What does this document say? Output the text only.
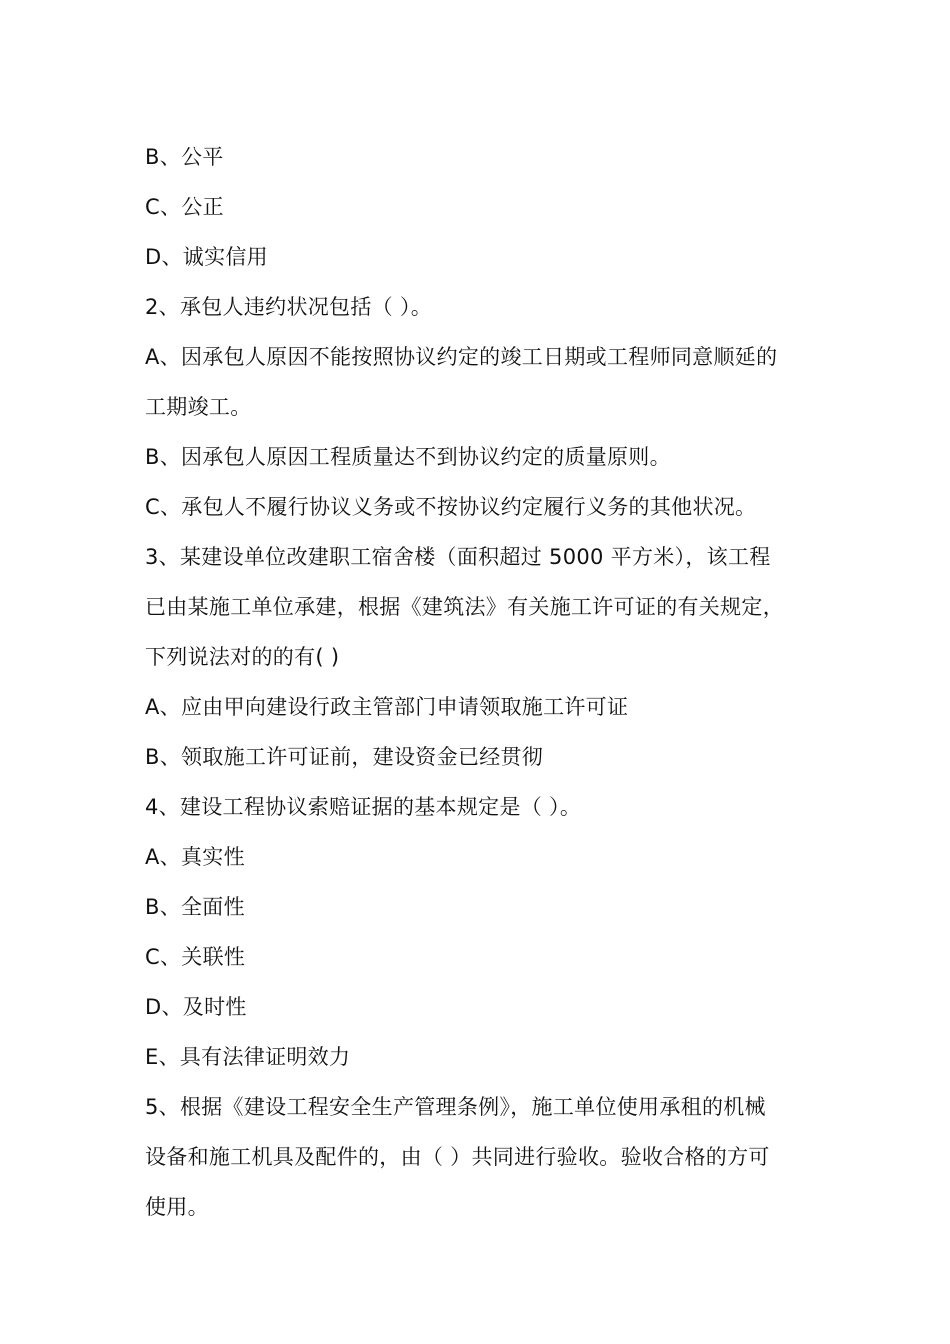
B、公平
C、公正
D、诚实信用
2、承包人违约状况包括（ ）。
A、因承包人原因不能按照协议约定的竣工日期或工程师同意顺延的
工期竣工。
B、因承包人原因工程质量达不到协议约定的质量原则。
C、承包人不履行协议义务或不按协议约定履行义务的其他状况。
3、某建设单位改建职工宿舍楼（面积超过 5000 平方米），该工程
已由某施工单位承建，根据《建筑法》有关施工许可证的有关规定，
下列说法对的的有( )
A、应由甲向建设行政主管部门申请领取施工许可证
B、领取施工许可证前，建设资金已经贯彻
4、建设工程协议索赔证据的基本规定是（ ）。
A、真实性
B、全面性
C、关联性
D、及时性
E、具有法律证明效力
5、根据《建设工程安全生产管理条例》，施工单位使用承租的机械
设备和施工机具及配件的，由（ ）共同进行验收。验收合格的方可
使用。
